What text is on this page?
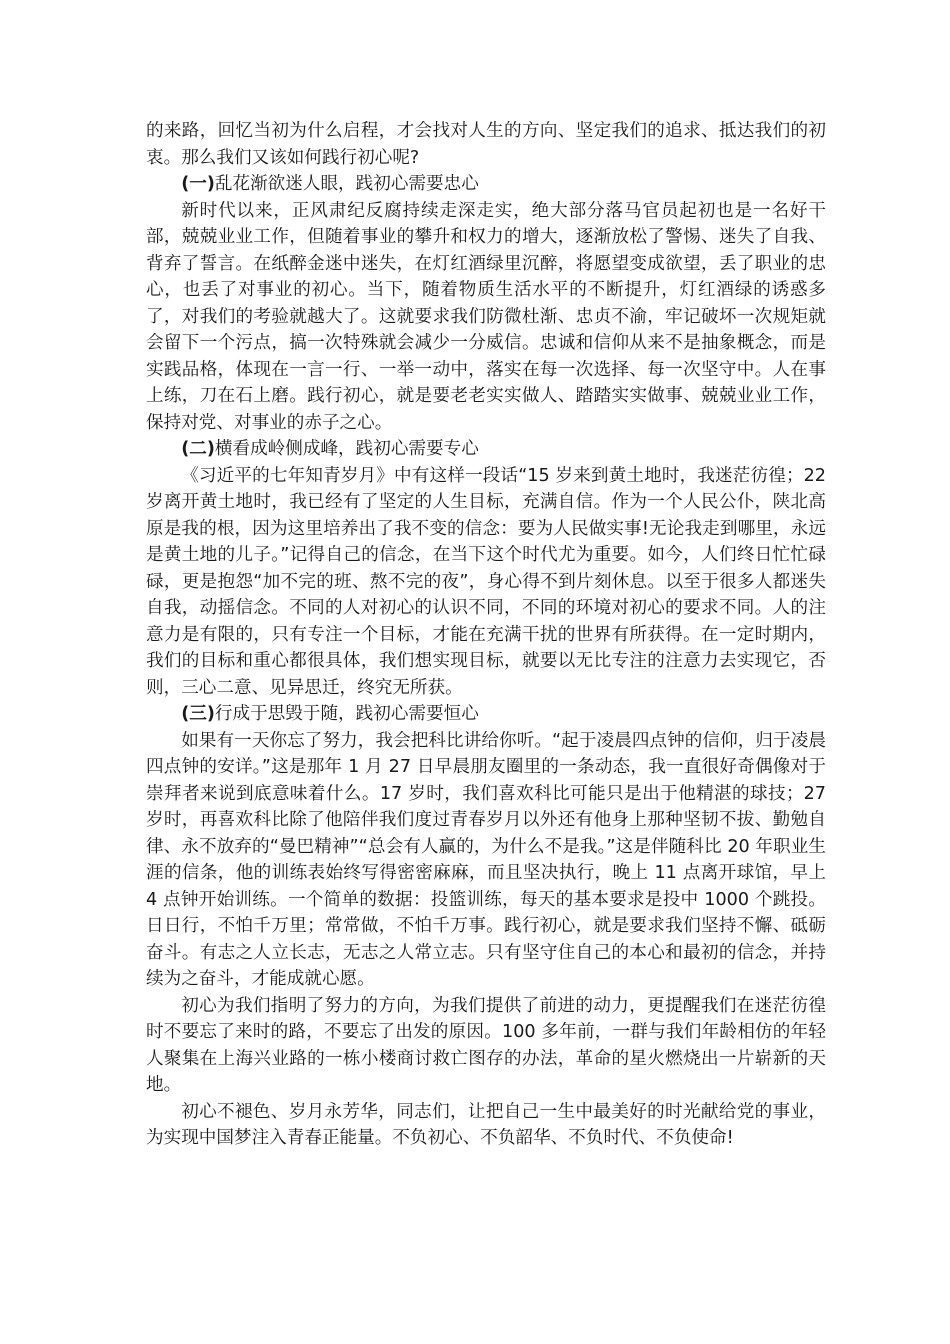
的来路，回忆当初为什么启程，才会找对人生的方向、坚定我们的追求、抵达我们的初衷。那么我们又该如何践行初心呢?

(一)乱花渐欲迷人眼，践初心需要忠心

新时代以来，正风肃纪反腐持续走深走实，绝大部分落马官员起初也是一名好干部，兢兢业业工作，但随着事业的攀升和权力的增大，逐渐放松了警惕、迷失了自我、背弃了誓言。在纸醉金迷中迷失，在灯红酒绿里沉醉，将愿望变成欲望，丢了职业的忠心，也丢了对事业的初心。当下，随着物质生活水平的不断提升，灯红酒绿的诱惑多了，对我们的考验就越大了。这就要求我们防微杜渐、忠贞不渝，牢记破坏一次规矩就会留下一个污点，搞一次特殊就会减少一分威信。忠诚和信仰从来不是抽象概念，而是实践品格，体现在一言一行、一举一动中，落实在每一次选择、每一次坚守中。人在事上练，刀在石上磨。践行初心，就是要老老实实做人、踏踏实实做事、兢兢业业工作，保持对党、对事业的赤子之心。

(二)横看成岭侧成峰，践初心需要专心

《习近平的七年知青岁月》中有这样一段话“15 岁来到黄土地时，我迷茫彷徨；22 岁离开黄土地时，我已经有了坚定的人生目标，充满自信。作为一个人民公仆，陕北高原是我的根，因为这里培养出了我不变的信念：要为人民做实事!无论我走到哪里，永远是黄土地的儿子。”记得自己的信念，在当下这个时代尤为重要。如今，人们终日忙忙碌碌，更是抱怨“加不完的班、熬不完的夜”，身心得不到片刻休息。以至于很多人都迷失自我，动摇信念。不同的人对初心的认识不同，不同的环境对初心的要求不同。人的注意力是有限的，只有专注一个目标，才能在充满干扰的世界有所获得。在一定时期内，我们的目标和重心都很具体，我们想实现目标，就要以无比专注的注意力去实现它，否则，三心二意、见异思迁，终究无所获。

(三)行成于思毁于随，践初心需要恒心

如果有一天你忘了努力，我会把科比讲给你听。“起于凌晨四点钟的信仰，归于凌晨四点钟的安详。”这是那年 1 月 27 日早晨朋友圈里的一条动态，我一直很好奇偶像对于崇拜者来说到底意味着什么。17 岁时，我们喜欢科比可能只是出于他精湛的球技；27 岁时，再喜欢科比除了他陪伴我们度过青春岁月以外还有他身上那种坚韧不拔、勤勉自律、永不放弃的“曼巴精神”“总会有人赢的，为什么不是我。”这是伴随科比 20 年职业生涯的信条，他的训练表始终写得密密麻麻，而且坚决执行，晚上 11 点离开球馆，早上 4 点钟开始训练。一个简单的数据：投篮训练，每天的基本要求是投中 1000 个跳投。日日行，不怕千万里；常常做，不怕千万事。践行初心，就是要求我们坚持不懈、砥砺奋斗。有志之人立长志，无志之人常立志。只有坚守住自己的本心和最初的信念，并持续为之奋斗，才能成就心愿。

初心为我们指明了努力的方向，为我们提供了前进的动力，更提醒我们在迷茫彷徨时不要忘了来时的路，不要忘了出发的原因。100 多年前，一群与我们年龄相仿的年轻人聚集在上海兴业路的一栋小楼商讨救亡图存的办法，革命的星火燃烧出一片崭新的天地。

初心不褪色、岁月永芳华，同志们，让把自己一生中最美好的时光献给党的事业，为实现中国梦注入青春正能量。不负初心、不负韶华、不负时代、不负使命!
